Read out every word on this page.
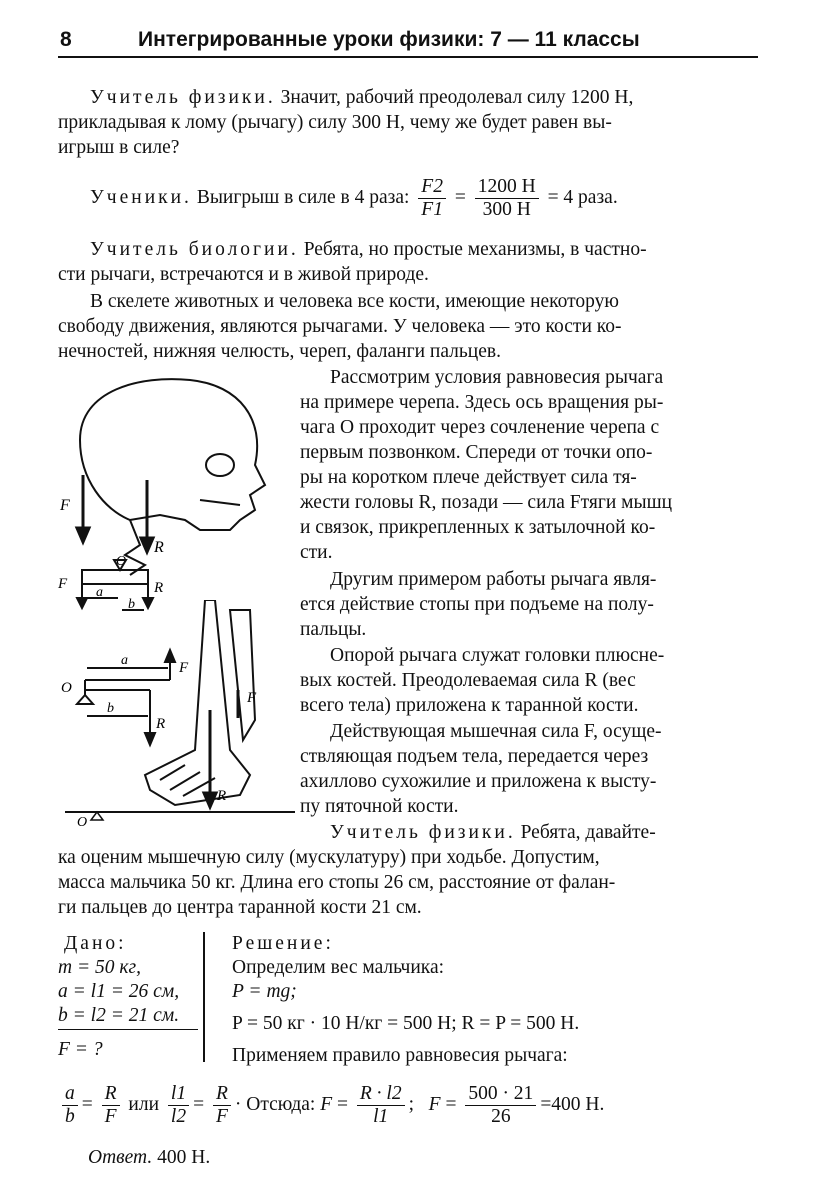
8	Интегрированные уроки физики: 7 — 11 классы
Учитель физики. Значит, рабочий преодолевал силу 1200 Н,
прикладывая к лому (рычагу) силу 300 Н, чему же будет равен вы-
игрыш в силе?
Ученики. Выигрыш в силе в 4 раза: $\frac{F2}{F1} = \frac{1200 Н}{300 Н} = 4$ раза.
Учитель биологии. Ребята, но простые механизмы, в частно-
сти рычаги, встречаются и в живой природе.
В скелете животных и человека все кости, имеющие некоторую
свободу движения, являются рычагами. У человека — это кости ко-
нечностей, нижняя челюсть, череп, фаланги пальцев.
Рассмотрим условия равновесия рычага
на примере черепа. Здесь ось вращения ры-
чага О проходит через сочленение черепа с
первым позвонком. Спереди от точки опо-
ры на коротком плече действует сила тя-
жести головы R, позади — сила Fтяги мышц
и связок, прикрепленных к затылочной ко-
сти.
Другим примером работы рычага явля-
ется действие стопы при подъеме на полу-
пальцы.
Опорой рычага служат головки плюсне-
вых костей. Преодолеваемая сила R (вес
всего тела) приложена к таранной кости.
Действующая мышечная сила F, осуще-
ствляющая подъем тела, передается через
ахиллово сухожилие и приложена к высту-
пу пяточной кости.
Учитель физики. Ребята, давайте-
ка оценим мышечную силу (мускулатуру) при ходьбе. Допустим,
масса мальчика 50 кг. Длина его стопы 26 см, расстояние от фалан-
ги пальцев до центра таранной кости 21 см.
Дано:
m = 50 кг,
a = l1 = 26 см,
b = l2 = 21 см.
F = ?
Решение:
Определим вес мальчика:
P = mg;
P = 50 кг · 10 Н/кг = 500 Н; R = P = 500 Н.
Применяем правило равновесия рычага:
$\frac{a}{b} = \frac{R}{F}$ или $\frac{l1}{l2} = \frac{R}{F}$ · Отсюда: $F = \frac{R \cdot l2}{l1}$ ;   $F = \frac{500 \cdot 21}{26} =400$ Н.
Ответ. 400 Н.
F
R
O
F	R
a
b
a
b
F
R
O
F
R
O
